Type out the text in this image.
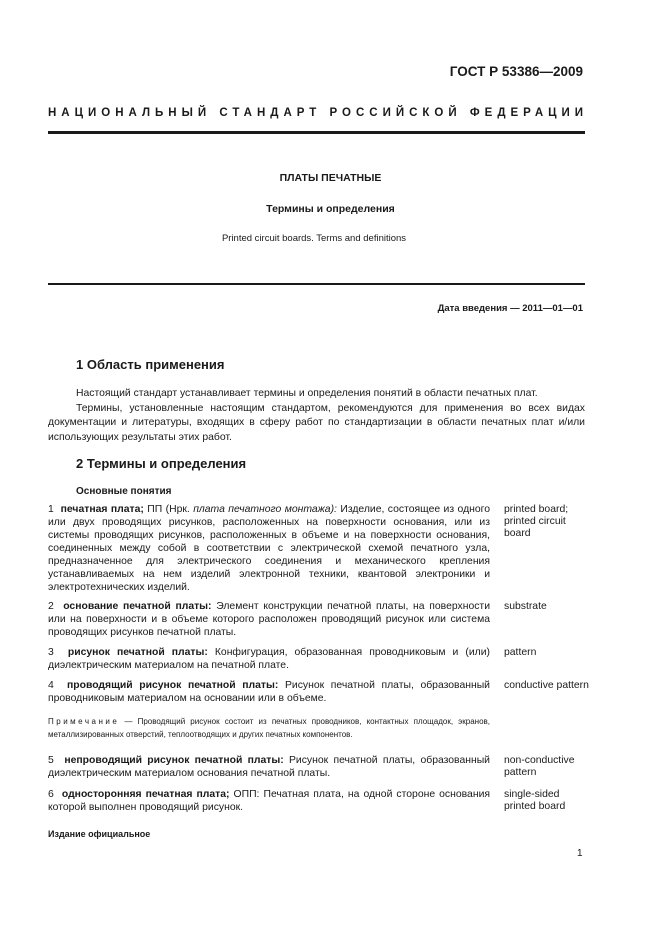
ГОСТ Р 53386—2009
НАЦИОНАЛЬНЫЙ СТАНДАРТ РОССИЙСКОЙ ФЕДЕРАЦИИ
ПЛАТЫ ПЕЧАТНЫЕ
Термины и определения
Printed circuit boards. Terms and definitions
Дата введения — 2011—01—01
1 Область применения

Настоящий стандарт устанавливает термины и определения понятий в области печатных плат.

Термины, установленные настоящим стандартом, рекомендуются для применения во всех видах документации и литературы, входящих в сферу работ по стандартизации в области печатных плат и/или использующих результаты этих работ.

2 Термины и определения
Основные понятия
1 печатная плата; ПП (Нрк. плата печатного монтажа): Изделие, состоящее из одного или двух проводящих рисунков, расположенных на поверхности основания, или из системы проводящих рисунков, расположенных в объеме и на поверхности основания, соединенных между собой в соответствии с электрической схемой печатного узла, предназначенное для электрического соединения и механического крепления устанавливаемых на нем изделий электронной техники, квантовой электроники и электротехнических изделий.
printed board; printed circuit board
2 основание печатной платы: Элемент конструкции печатной платы, на поверхности или на поверхности и в объеме которого расположен проводящий рисунок или система проводящих рисунков печатной платы.
substrate
3 рисунок печатной платы: Конфигурация, образованная проводниковым и (или) диэлектрическим материалом на печатной плате.
pattern
4 проводящий рисунок печатной платы: Рисунок печатной платы, образованный проводниковым материалом на основании или в объеме.
conductive pattern
Примечание — Проводящий рисунок состоит из печатных проводников, контактных площадок, экранов, металлизированных отверстий, теплоотводящих и других печатных компонентов.
5 непроводящий рисунок печатной платы: Рисунок печатной платы, образованный диэлектрическим материалом основания печатной платы.
non-conductive pattern
6 односторонняя печатная плата; ОПП: Печатная плата, на одной стороне основания которой выполнен проводящий рисунок.
single-sided printed board
Издание официальное
1
